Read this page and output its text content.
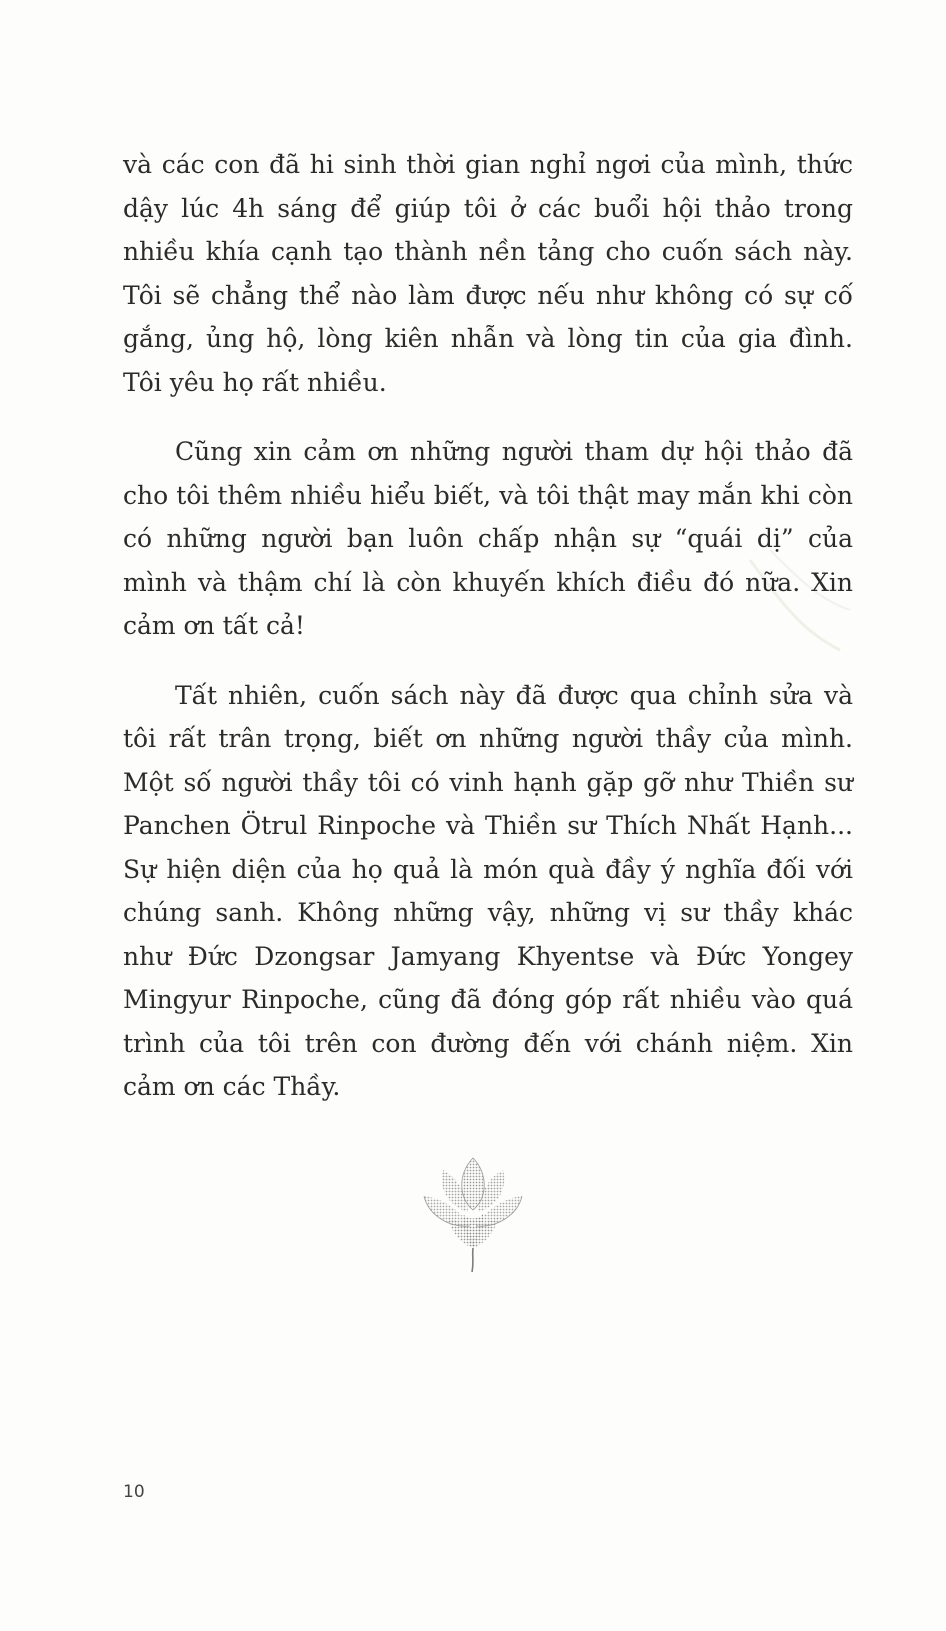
và các con đã hi sinh thời gian nghỉ ngơi của mình, thức dậy lúc 4h sáng để giúp tôi ở các buổi hội thảo trong nhiều khía cạnh tạo thành nền tảng cho cuốn sách này. Tôi sẽ chẳng thể nào làm được nếu như không có sự cố gắng, ủng hộ, lòng kiên nhẫn và lòng tin của gia đình. Tôi yêu họ rất nhiều.

Cũng xin cảm ơn những người tham dự hội thảo đã cho tôi thêm nhiều hiểu biết, và tôi thật may mắn khi còn có những người bạn luôn chấp nhận sự “quái dị” của mình và thậm chí là còn khuyến khích điều đó nữa. Xin cảm ơn tất cả!

Tất nhiên, cuốn sách này đã được qua chỉnh sửa và tôi rất trân trọng, biết ơn những người thầy của mình. Một số người thầy tôi có vinh hạnh gặp gỡ như Thiền sư Panchen Ötrul Rinpoche và Thiền sư Thích Nhất Hạnh... Sự hiện diện của họ quả là món quà đầy ý nghĩa đối với chúng sanh. Không những vậy, những vị sư thầy khác như Đức Dzongsar Jamyang Khyentse và Đức Yongey Mingyur Rinpoche, cũng đã đóng góp rất nhiều vào quá trình của tôi trên con đường đến với chánh niệm. Xin cảm ơn các Thầy.

10
